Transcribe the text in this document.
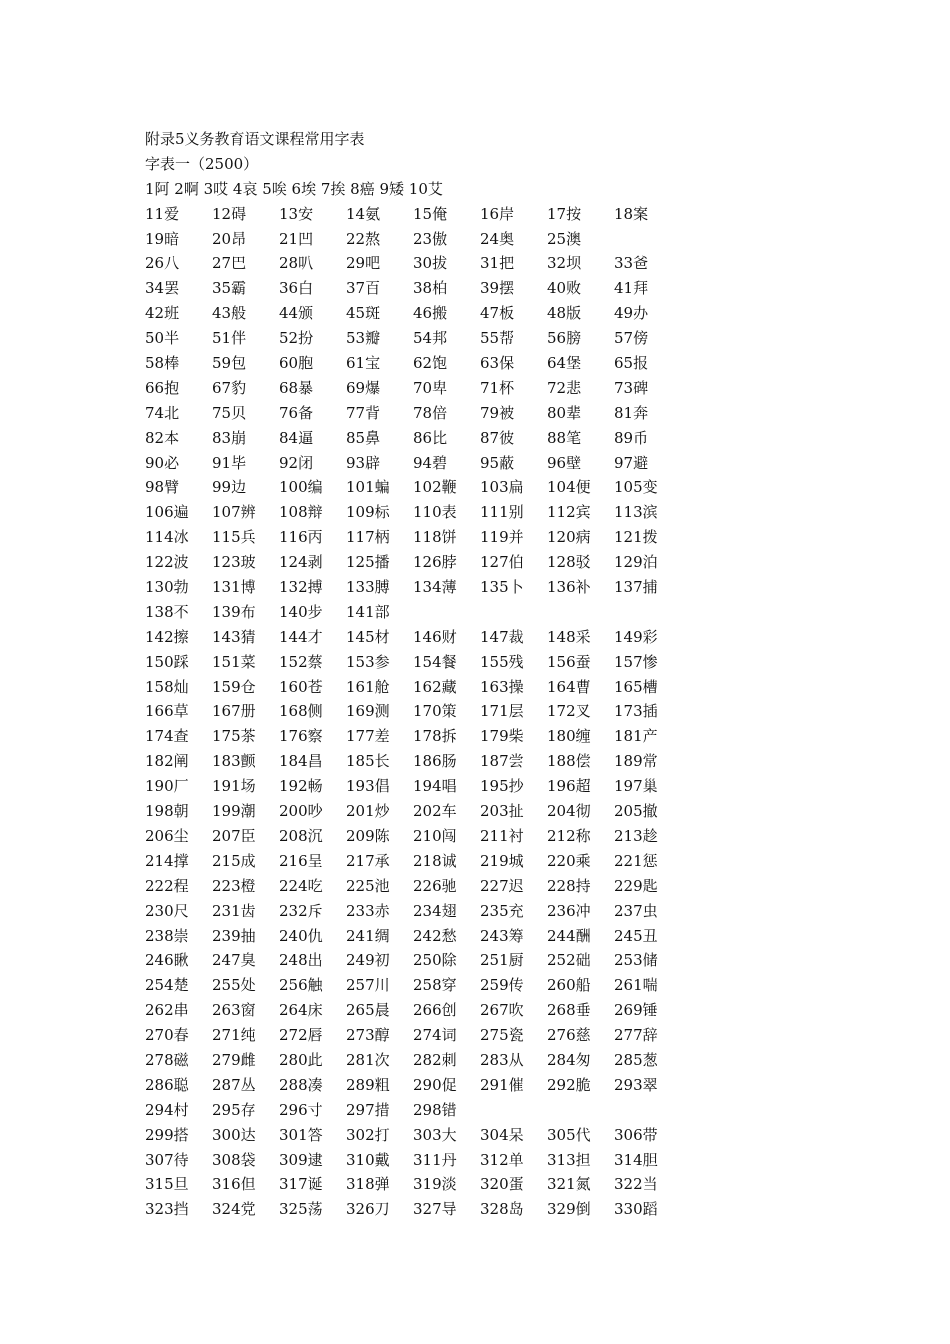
附录5义务教育语文课程常用字表
字表一（2500）
1阿 2啊 3哎 4哀 5唉 6埃 7挨 8癌 9矮 10艾
11爱	12碍	13安	14氨	15俺	16岸	17按	18案
19暗	20昂	21凹	22熬	23傲	24奥	25澳
26八	27巴	28叭	29吧	30拔	31把	32坝	33爸
34罢	35霸	36白	37百	38柏	39摆	40败	41拜
42班	43般	44颁	45斑	46搬	47板	48版	49办
50半	51伴	52扮	53瓣	54邦	55帮	56膀	57傍
58棒	59包	60胞	61宝	62饱	63保	64堡	65报
66抱	67豹	68暴	69爆	70卑	71杯	72悲	73碑
74北	75贝	76备	77背	78倍	79被	80辈	81奔
82本	83崩	84逼	85鼻	86比	87彼	88笔	89币
90必	91毕	92闭	93辟	94碧	95蔽	96壁	97避
98臂	99边	100编	101蝙	102鞭	103扁	104便	105变
106遍	107辨	108辩	109标	110表	111别	112宾	113滨
114冰	115兵	116丙	117柄	118饼	119并	120病	121拨
122波	123玻	124剥	125播	126脖	127伯	128驳	129泊
130勃	131博	132搏	133膊	134薄	135卜	136补	137捕
138不	139布	140步	141部
142擦	143猜	144才	145材	146财	147裁	148采	149彩
150踩	151菜	152蔡	153参	154餐	155残	156蚕	157惨
158灿	159仓	160苍	161舱	162藏	163操	164曹	165槽
166草	167册	168侧	169测	170策	171层	172叉	173插
174查	175茶	176察	177差	178拆	179柴	180缠	181产
182阐	183颤	184昌	185长	186肠	187尝	188偿	189常
190厂	191场	192畅	193倡	194唱	195抄	196超	197巢
198朝	199潮	200吵	201炒	202车	203扯	204彻	205撤
206尘	207臣	208沉	209陈	210闯	211衬	212称	213趁
214撑	215成	216呈	217承	218诚	219城	220乘	221惩
222程	223橙	224吃	225池	226驰	227迟	228持	229匙
230尺	231齿	232斥	233赤	234翅	235充	236冲	237虫
238崇	239抽	240仇	241绸	242愁	243筹	244酬	245丑
246瞅	247臭	248出	249初	250除	251厨	252础	253储
254楚	255处	256触	257川	258穿	259传	260船	261喘
262串	263窗	264床	265晨	266创	267吹	268垂	269锤
270春	271纯	272唇	273醇	274词	275瓷	276慈	277辞
278磁	279雌	280此	281次	282刺	283从	284匆	285葱
286聪	287丛	288凑	289粗	290促	291催	292脆	293翠
294村	295存	296寸	297措	298错
299搭	300达	301答	302打	303大	304呆	305代	306带
307待	308袋	309逮	310戴	311丹	312单	313担	314胆
315旦	316但	317诞	318弹	319淡	320蛋	321氮	322当
323挡	324党	325荡	326刀	327导	328岛	329倒	330蹈
